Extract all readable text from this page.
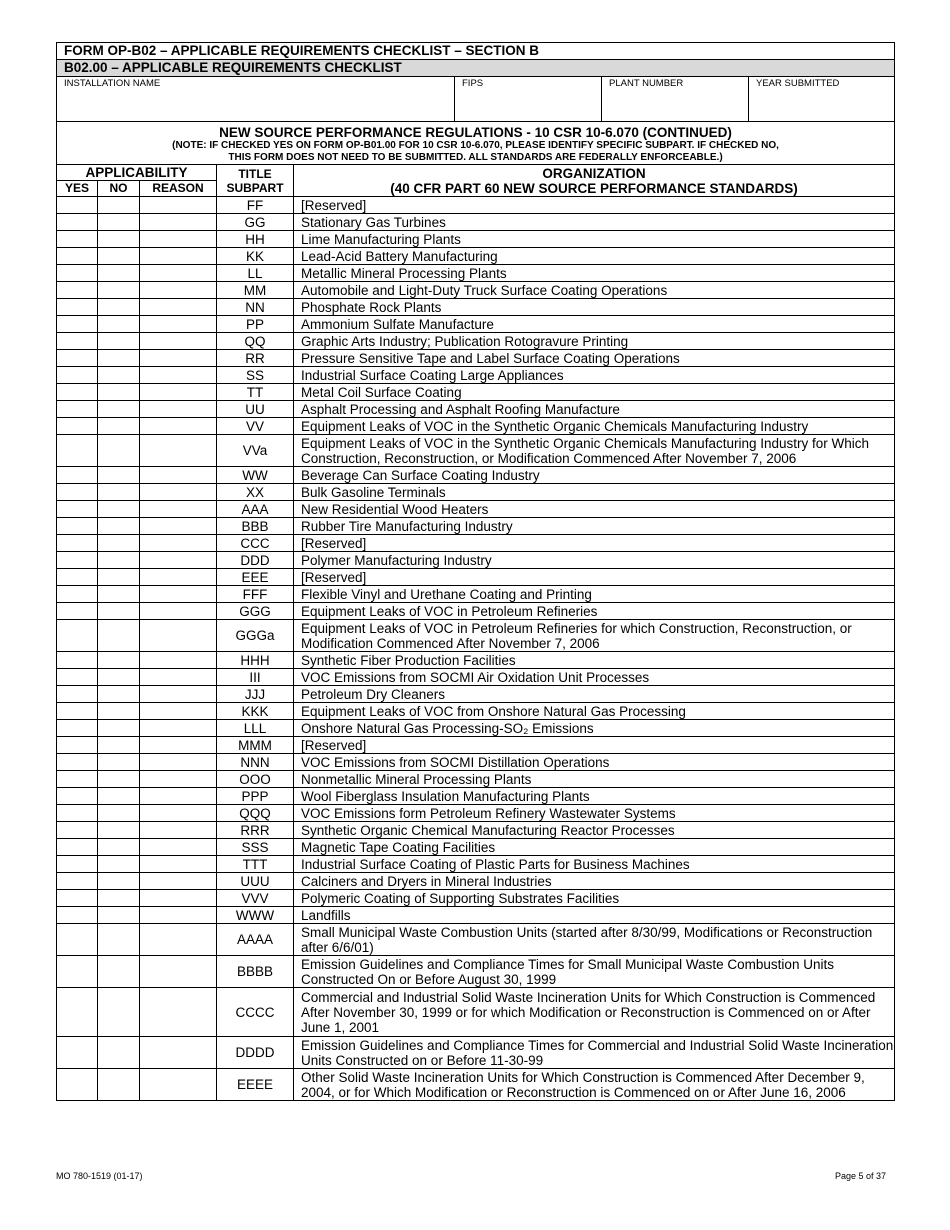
FORM OP-B02 – APPLICABLE REQUIREMENTS CHECKLIST – SECTION B
B02.00 – APPLICABLE REQUIREMENTS CHECKLIST
INSTALLATION NAME	FIPS	PLANT NUMBER	YEAR SUBMITTED
NEW SOURCE PERFORMANCE REGULATIONS - 10 CSR 10-6.070 (CONTINUED)
(NOTE: IF CHECKED YES ON FORM OP-B01.00 FOR 10 CSR 10-6.070, PLEASE IDENTIFY SPECIFIC SUBPART. IF CHECKED NO,
THIS FORM DOES NOT NEED TO BE SUBMITTED. ALL STANDARDS ARE FEDERALLY ENFORCEABLE.)				

APPLICABILITY			TITLE
SUBPART	ORGANIZATION
(40 CFR PART 60 NEW SOURCE PERFORMANCE STANDARDS)
YES	NO	REASON		
			FF	[Reserved]
			GG	Stationary Gas Turbines
			HH	Lime Manufacturing Plants
			KK	Lead-Acid Battery Manufacturing
			LL	Metallic Mineral Processing Plants
			MM	Automobile and Light-Duty Truck Surface Coating Operations
			NN	Phosphate Rock Plants
			PP	Ammonium Sulfate Manufacture
			QQ	Graphic Arts Industry; Publication Rotogravure Printing
			RR	Pressure Sensitive Tape and Label Surface Coating Operations
			SS	Industrial Surface Coating Large Appliances
			TT	Metal Coil Surface Coating
			UU	Asphalt Processing and Asphalt Roofing Manufacture
			VV	Equipment Leaks of VOC in the Synthetic Organic Chemicals Manufacturing Industry
			VVa	Equipment Leaks of VOC in the Synthetic Organic Chemicals Manufacturing Industry for Which Construction, Reconstruction, or Modification Commenced After November 7, 2006
			WW	Beverage Can Surface Coating Industry
			XX	Bulk Gasoline Terminals
			AAA	New Residential Wood Heaters
			BBB	Rubber Tire Manufacturing Industry
			CCC	[Reserved]
			DDD	Polymer Manufacturing Industry
			EEE	[Reserved]
			FFF	Flexible Vinyl and Urethane Coating and Printing
			GGG	Equipment Leaks of VOC in Petroleum Refineries
			GGGa	Equipment Leaks of VOC in Petroleum Refineries for which Construction, Reconstruction, or Modification Commenced After November 7, 2006
			HHH	Synthetic Fiber Production Facilities
			III	VOC Emissions from SOCMI Air Oxidation Unit Processes
			JJJ	Petroleum Dry Cleaners
			KKK	Equipment Leaks of VOC from Onshore Natural Gas Processing
			LLL	Onshore Natural Gas Processing-SO₂ Emissions
			MMM	[Reserved]
			NNN	VOC Emissions from SOCMI Distillation Operations
			OOO	Nonmetallic Mineral Processing Plants
			PPP	Wool Fiberglass Insulation Manufacturing Plants
			QQQ	VOC Emissions form Petroleum Refinery Wastewater Systems
			RRR	Synthetic Organic Chemical Manufacturing Reactor Processes
			SSS	Magnetic Tape Coating Facilities
			TTT	Industrial Surface Coating of Plastic Parts for Business Machines
			UUU	Calciners and Dryers in Mineral Industries
			VVV	Polymeric Coating of Supporting Substrates Facilities
			WWW	Landfills
			AAAA	Small Municipal Waste Combustion Units (started after 8/30/99, Modifications or Reconstruction after 6/6/01)
			BBBB	Emission Guidelines and Compliance Times for Small Municipal Waste Combustion Units Constructed On or Before August 30, 1999
			CCCC	Commercial and Industrial Solid Waste Incineration Units for Which Construction is Commenced After November 30, 1999 or for which Modification or Reconstruction is Commenced on or After June 1, 2001
			DDDD	Emission Guidelines and Compliance Times for Commercial and Industrial Solid Waste Incineration Units Constructed on or Before 11-30-99
			EEEE	Other Solid Waste Incineration Units for Which Construction is Commenced After December 9, 2004, or for Which Modification or Reconstruction is Commenced on or After June 16, 2006
MO 780-1519 (01-17)	Page 5 of 37
